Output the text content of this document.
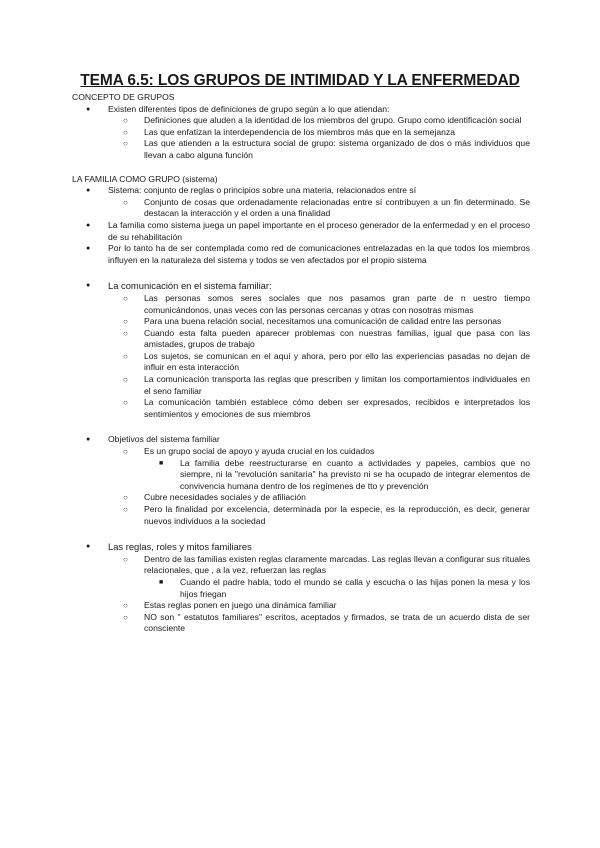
TEMA 6.5: LOS GRUPOS DE INTIMIDAD Y LA ENFERMEDAD

CONCEPTO DE GRUPOS

● Existen diferentes tipos de definiciones de grupo según a lo que atiendan:
○ Definiciones que aluden a la identidad de los miembros del grupo. Grupo como identificación social
○ Las que enfatizan la interdependencia de los miembros más que en la semejanza
○ Las que atienden a la estructura social de grupo: sistema organizado de dos o más individuos que llevan a cabo alguna función

LA FAMILIA COMO GRUPO (sistema)

● Sistema: conjunto de reglas o principios sobre una materia, relacionados entre sí
○ Conjunto de cosas que ordenadamente relacionadas entre sí contribuyen a un fin determinado. Se destacan la interacción y el orden a una finalidad
● La familia como sistema juega un papel importante en el proceso generador de la enfermedad y en el proceso de su rehabilitación
● Por lo tanto ha de ser contemplada como red de comunicaciones entrelazadas en la que todos los miembros influyen en la naturaleza del sistema y todos se ven afectados por el propio sistema
● La comunicación en el sistema familiar:
○ Las personas somos seres sociales que nos pasamos gran parte de n uestro tiempo comunicándonos, unas veces con las personas cercanas y otras con nosotras mismas
○ Para una buena relación social, necesitamos una comunicación de calidad entre las personas
○ Cuando esta falta pueden aparecer problemas con nuestras familias, igual que pasa con las amistades, grupos de trabajo
○ Los sujetos, se comunican en el aquí y ahora, pero por ello las experiencias pasadas no dejan de influir en esta interacción
○ La comunicación transporta las reglas que prescriben y limitan los comportamientos individuales en el seno familiar
○ La comunicación también establece cómo deben ser expresados, recibidos e interpretados los sentimientos y emociones de sus miembros
● Objetivos del sistema familiar
○ Es un grupo social de apoyo y ayuda crucial en los cuidados
■ La familia debe reestructurarse en cuanto a actividades y papeles, cambios que no siempre, ni la "revolución sanitaria" ha previsto ni se ha ocupado de integrar elementos de convivencia humana dentro de los regímenes de tto y prevención
○ Cubre necesidades sociales y de afiliación
○ Pero la finalidad por excelencia, determinada por la especie, es la reproducción, es decir, generar nuevos individuos a la sociedad
● Las reglas, roles y mitos familiares
○ Dentro de las familias existen reglas claramente marcadas. Las reglas llevan a configurar sus rituales relacionales, que , a la vez, refuerzan las reglas
■ Cuando el padre habla, todo el mundo se calla y escucha o las hijas ponen la mesa y los hijos friegan
○ Estas reglas ponen en juego una dinámica familiar
○ NO son " estatutos familiares" escritos, aceptados y firmados, se trata de un acuerdo dista de ser consciente
